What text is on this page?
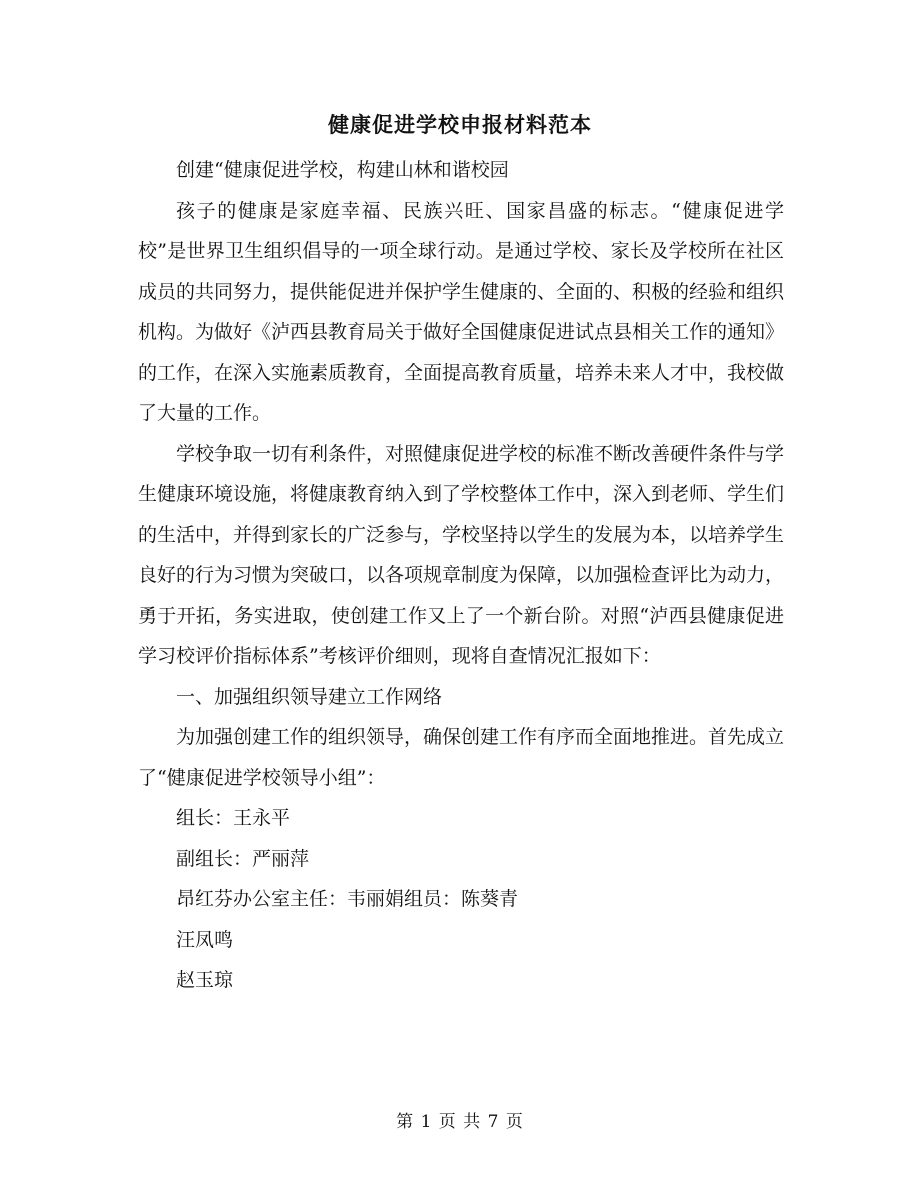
健康促进学校申报材料范本

创建“健康促进学校，构建山林和谐校园

孩子的健康是家庭幸福、民族兴旺、国家昌盛的标志。“健康促进学校”是世界卫生组织倡导的一项全球行动。是通过学校、家长及学校所在社区成员的共同努力，提供能促进并保护学生健康的、全面的、积极的经验和组织机构。为做好《泸西县教育局关于做好全国健康促进试点县相关工作的通知》的工作，在深入实施素质教育，全面提高教育质量，培养未来人才中，我校做了大量的工作。

学校争取一切有利条件，对照健康促进学校的标准不断改善硬件条件与学生健康环境设施，将健康教育纳入到了学校整体工作中，深入到老师、学生们的生活中，并得到家长的广泛参与，学校坚持以学生的发展为本，以培养学生良好的行为习惯为突破口，以各项规章制度为保障，以加强检查评比为动力，勇于开拓，务实进取，使创建工作又上了一个新台阶。对照“泸西县健康促进学习校评价指标体系”考核评价细则，现将自查情况汇报如下：

一、加强组织领导建立工作网络

为加强创建工作的组织领导，确保创建工作有序而全面地推进。首先成立了“健康促进学校领导小组”：

组长：王永平

副组长：严丽萍

昂红芬办公室主任：韦丽娟组员：陈葵青

汪凤鸣

赵玉琼

第 1 页 共 7 页
